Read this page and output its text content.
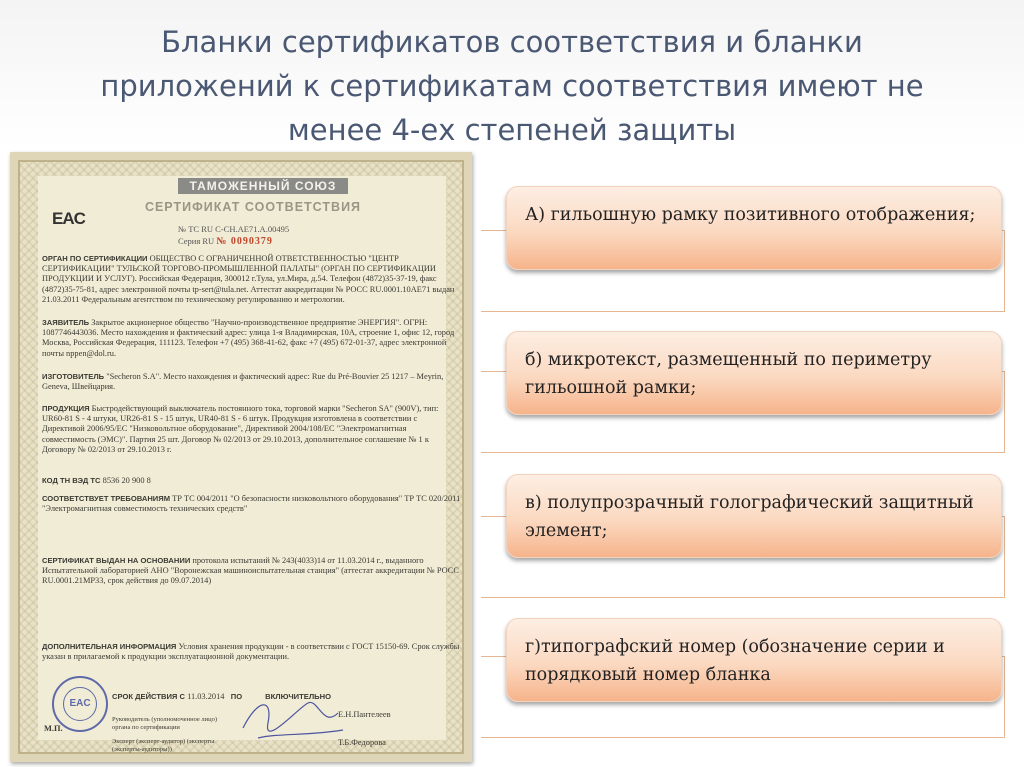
Бланки сертификатов соответствия и бланки
приложений к сертификатам соответствия имеют не
менее 4-ех степеней защиты
ТАМОЖЕННЫЙ СОЮЗ
СЕРТИФИКАТ СООТВЕТСТВИЯ
EAC
№ ТС RU C-CH.AE71.A.00495
Серия RU № 0090379
ОРГАН ПО СЕРТИФИКАЦИИ ОБЩЕСТВО С ОГРАНИЧЕННОЙ ОТВЕТСТВЕННОСТЬЮ "ЦЕНТР СЕРТИФИКАЦИИ" ТУЛЬСКОЙ ТОРГОВО-ПРОМЫШЛЕННОЙ ПАЛАТЫ" (ОРГАН ПО СЕРТИФИКАЦИИ ПРОДУКЦИИ И УСЛУГ). Российская Федерация, 300012 г.Тула, ул.Мира, д.54. Телефон (4872)35-37-19, факс (4872)35-75-81, адрес электронной почты tp-sert@tula.net. Аттестат аккредитации № РОСС RU.0001.10АЕ71 выдан 21.03.2011 Федеральным агентством по техническому регулированию и метрологии.
ЗАЯВИТЕЛЬ Закрытое акционерное общество "Научно-производственное предприятие ЭНЕРГИЯ". ОГРН: 1087746443036. Место нахождения и фактический адрес: улица 1-я Владимирская, 10А, строение 1, офис 12, город Москва, Российская Федерация, 111123. Телефон +7 (495) 368-41-62, факс +7 (495) 672-01-37, адрес электронной почты nppen@dol.ru.
ИЗГОТОВИТЕЛЬ "Secheron S.A". Место нахождения и фактический адрес: Rue du Pré-Bouvier 25 1217 – Meyrin, Geneva, Швейцария.
ПРОДУКЦИЯ Быстродействующий выключатель постоянного тока, торговой марки "Secheron SA" (900V), тип: UR60-81 S - 4 штуки, UR26-81 S - 15 штук, UR40-81 S - 6 штук. Продукция изготовлена в соответствии с Директивой 2006/95/ЕС "Низковольтное оборудование", Директивой 2004/108/ЕС "Электромагнитная совместимость (ЭМС)". Партия 25 шт. Договор № 02/2013 от 29.10.2013, дополнительное соглашение № 1 к Договору № 02/2013 от 29.10.2013 г.
КОД ТН ВЭД ТС 8536 20 900 8
СООТВЕТСТВУЕТ ТРЕБОВАНИЯМ ТР ТС 004/2011 "О безопасности низковольтного оборудования" ТР ТС 020/2011 "Электромагнитная совместимость технических средств"
СЕРТИФИКАТ ВЫДАН НА ОСНОВАНИИ протокола испытаний № 243(4033)14 от 11.03.2014 г., выданного Испытательной лабораторией АНО "Воронежская машиноиспытательная станция" (аттестат аккредитации № РОСС RU.0001.21МР33, срок действия до 09.07.2014)
ДОПОЛНИТЕЛЬНАЯ ИНФОРМАЦИЯ Условия хранения продукции - в соответствии с ГОСТ 15150-69. Срок службы указан в прилагаемой к продукции эксплуатационной документации.
СРОК ДЕЙСТВИЯ С 11.03.2014 ПО	ВКЛЮЧИТЕЛЬНО
Руководитель (уполномоченное лицо) органа по сертификации
Е.Н.Пантелеев
Эксперт (эксперт-аудитор) (эксперты (эксперты-аудиторы))
Т.Б.Федорова
М.П.
EAC
А) гильошную рамку позитивного отображения;
б) микротекст, размещенный по периметру гильошной рамки;
в) полупрозрачный голографический защитный элемент;
г)типографский номер (обозначение серии и порядковый номер бланка
